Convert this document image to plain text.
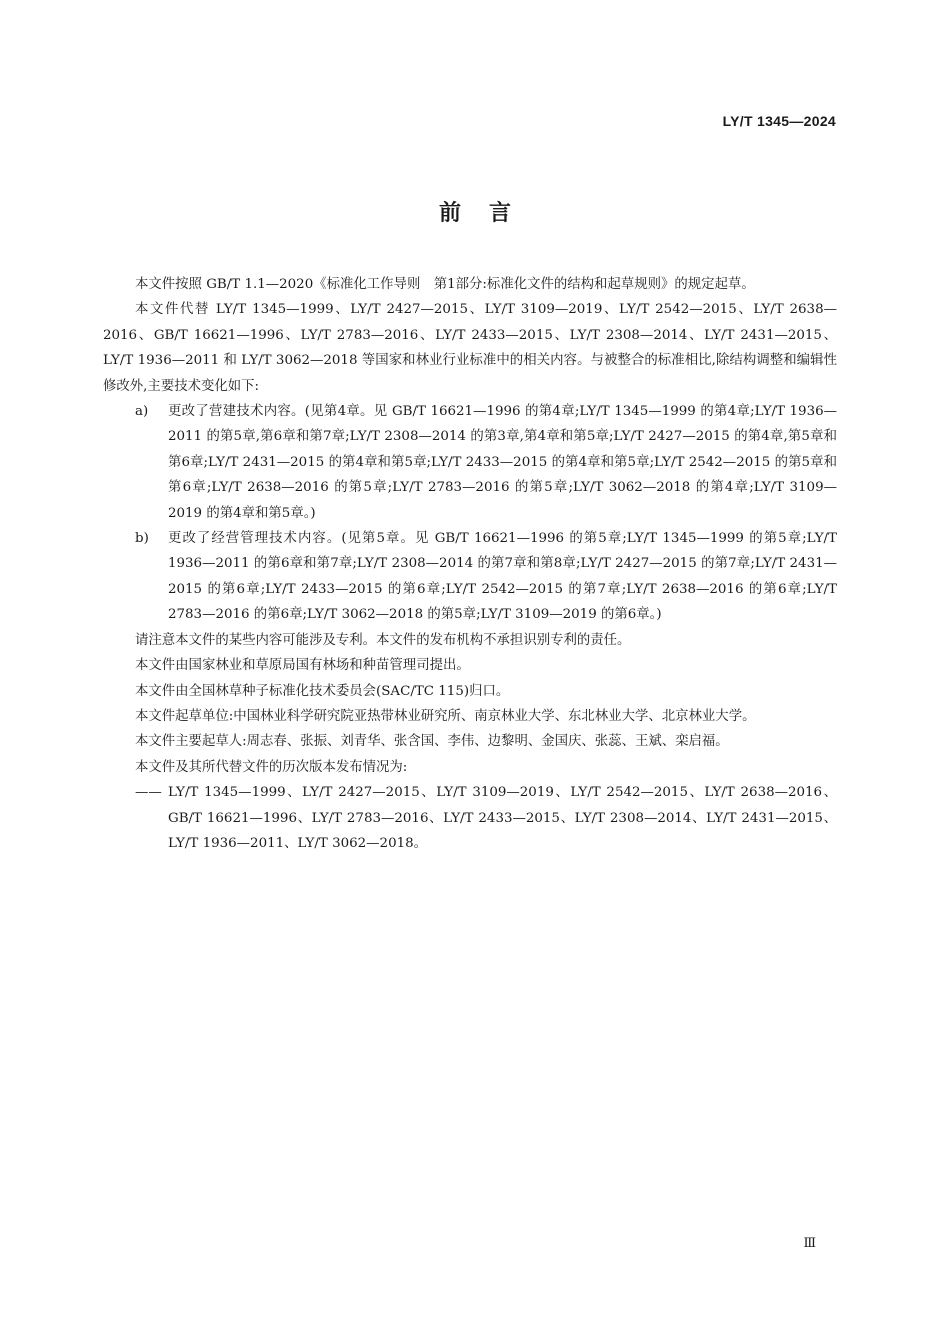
LY/T 1345—2024
前言

本文件按照 GB/T 1.1—2020《标准化工作导则　第1部分:标准化文件的结构和起草规则》的规定起草。

本文件代替 LY/T 1345—1999、LY/T 2427—2015、LY/T 3109—2019、LY/T 2542—2015、LY/T 2638—2016、GB/T 16621—1996、LY/T 2783—2016、LY/T 2433—2015、LY/T 2308—2014、LY/T 2431—2015、LY/T 1936—2011 和 LY/T 3062—2018 等国家和林业行业标准中的相关内容。与被整合的标准相比,除结构调整和编辑性修改外,主要技术变化如下:

a) 更改了营建技术内容。(见第4章。见 GB/T 16621—1996 的第4章;LY/T 1345—1999 的第4章;LY/T 1936—2011 的第5章,第6章和第7章;LY/T 2308—2014 的第3章,第4章和第5章;LY/T 2427—2015 的第4章,第5章和第6章;LY/T 2431—2015 的第4章和第5章;LY/T 2433—2015 的第4章和第5章;LY/T 2542—2015 的第5章和第6章;LY/T 2638—2016 的第5章;LY/T 2783—2016 的第5章;LY/T 3062—2018 的第4章;LY/T 3109—2019 的第4章和第5章。)
b) 更改了经营管理技术内容。(见第5章。见 GB/T 16621—1996 的第5章;LY/T 1345—1999 的第5章;LY/T 1936—2011 的第6章和第7章;LY/T 2308—2014 的第7章和第8章;LY/T 2427—2015 的第7章;LY/T 2431—2015 的第6章;LY/T 2433—2015 的第6章;LY/T 2542—2015 的第7章;LY/T 2638—2016 的第6章;LY/T 2783—2016 的第6章;LY/T 3062—2018 的第5章;LY/T 3109—2019 的第6章。)

请注意本文件的某些内容可能涉及专利。本文件的发布机构不承担识别专利的责任。

本文件由国家林业和草原局国有林场和种苗管理司提出。

本文件由全国林草种子标准化技术委员会(SAC/TC 115)归口。

本文件起草单位:中国林业科学研究院亚热带林业研究所、南京林业大学、东北林业大学、北京林业大学。

本文件主要起草人:周志春、张振、刘青华、张含国、李伟、边黎明、金国庆、张蕊、王斌、栾启福。

本文件及其所代替文件的历次版本发布情况为:

—— LY/T 1345—1999、LY/T 2427—2015、LY/T 3109—2019、LY/T 2542—2015、LY/T 2638—2016、GB/T 16621—1996、LY/T 2783—2016、LY/T 2433—2015、LY/T 2308—2014、LY/T 2431—2015、LY/T 1936—2011、LY/T 3062—2018。
Ⅲ
